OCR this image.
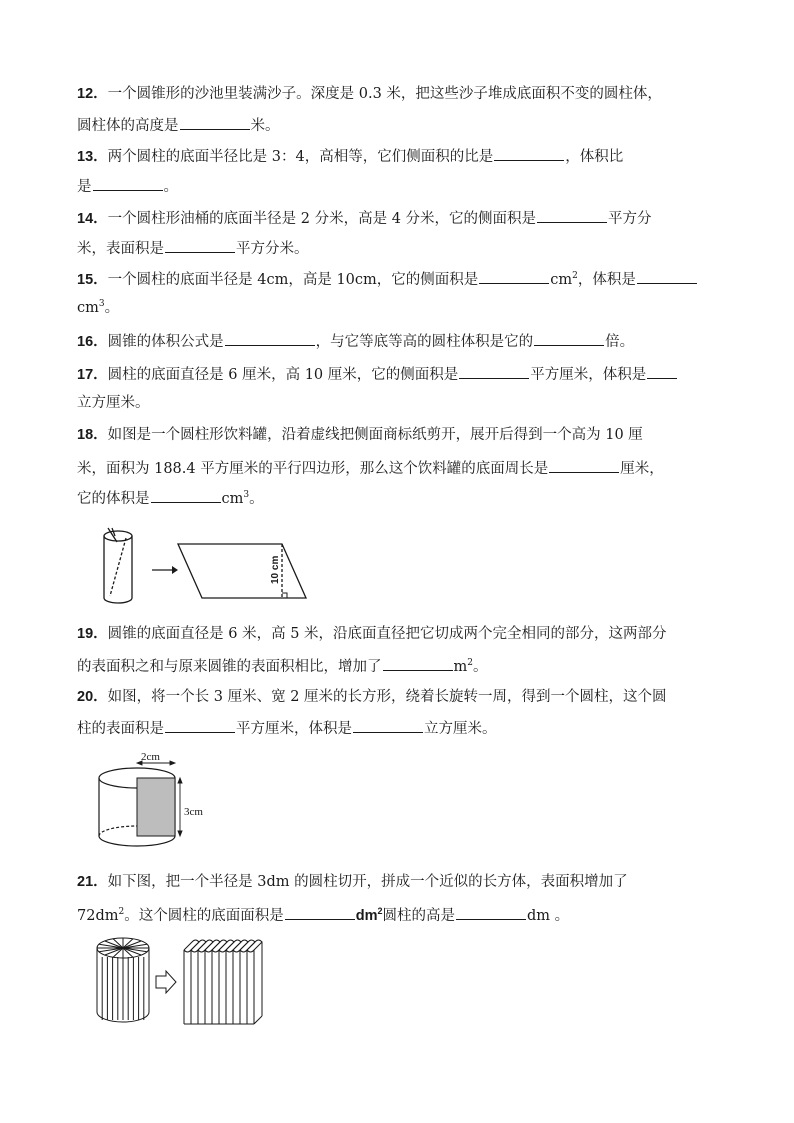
12．一个圆锥形的沙池里装满沙子。深度是 0.3 米，把这些沙子堆成底面积不变的圆柱体，
圆柱体的高度是	米。
13．两个圆柱的底面半径比是 3：4，高相等，它们侧面积的比是	，体积比
是	。
14．一个圆柱形油桶的底面半径是 2 分米，高是 4 分米，它的侧面积是	平方分
米，表面积是	平方分米。
15．一个圆柱的底面半径是 4cm，高是 10cm，它的侧面积是	$cm^2$，体积是
$cm^3$。
16．圆锥的体积公式是	，与它等底等高的圆柱体积是它的	倍。
17．圆柱的底面直径是 6 厘米，高 10 厘米，它的侧面积是	平方厘米，体积是
立方厘米。
18．如图是一个圆柱形饮料罐，沿着虚线把侧面商标纸剪开，展开后得到一个高为 10 厘
米，面积为 188.4 平方厘米的平行四边形，那么这个饮料罐的底面周长是	厘米，
它的体积是	$cm^3$。
10 cm
19．圆锥的底面直径是 6 米，高 5 米，沿底面直径把它切成两个完全相同的部分，这两部分
的表面积之和与原来圆锥的表面积相比，增加了	$m^2$。
20．如图，将一个长 3 厘米、宽 2 厘米的长方形，绕着长旋转一周，得到一个圆柱，这个圆
柱的表面积是	平方厘米，体积是	立方厘米。
2cm
3cm
21．如下图，把一个半径是 3dm 的圆柱切开，拼成一个近似的长方体，表面积增加了
$72dm^2$。这个圆柱的底面面积是	$dm^2$圆柱的高是	dm 。
